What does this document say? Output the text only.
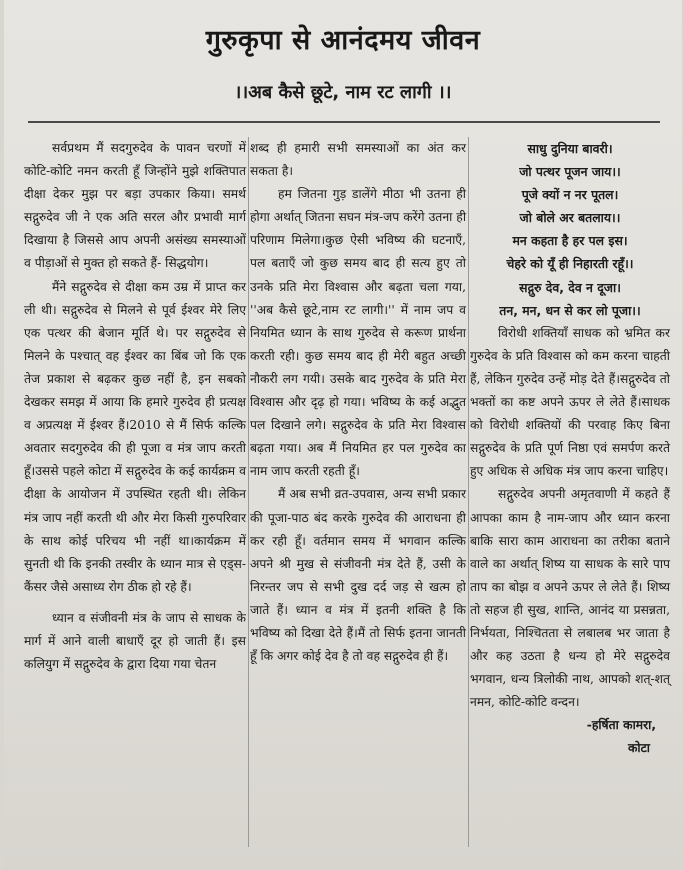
गुरुकृपा से आनंदमय जीवन
।।अब कैसे छूटे, नाम रट लागी ।।

सर्वप्रथम मैं सदगुरुदेव के पावन चरणों में कोटि-कोटि नमन करती हूँ जिन्होंने मुझे शक्तिपात दीक्षा देकर मुझ पर बड़ा उपकार किया। समर्थ सद्गुरुदेव जी ने एक अति सरल और प्रभावी मार्ग दिखाया है जिससे आप अपनी असंख्य समस्याओं व पीड़ाओं से मुक्त हो सकते हैं- सिद्धयोग।

मैंने सद्गुरुदेव से दीक्षा कम उम्र में प्राप्त कर ली थी। सद्गुरुदेव से मिलने से पूर्व ईश्वर मेरे लिए एक पत्थर की बेजान मूर्ति थे। पर सद्गुरुदेव से मिलने के पश्चात् वह ईश्वर का बिंब जो कि एक तेज प्रकाश से बढ़कर कुछ नहीं है, इन सबको देखकर समझ में आया कि हमारे गुरुदेव ही प्रत्यक्ष व अप्रत्यक्ष में ईश्वर हैं।2010 से मैं सिर्फ कल्कि अवतार सदगुरुदेव की ही पूजा व मंत्र जाप करती हूँ।उससे पहले कोटा में सद्गुरुदेव के कई कार्यक्रम व दीक्षा के आयोजन में उपस्थित रहती थी। लेकिन मंत्र जाप नहीं करती थी और मेरा किसी गुरुपरिवार के साथ कोई परिचय भी नहीं था।कार्यक्रम में सुनती थी कि इनकी तस्वीर के ध्यान मात्र से एड्स-कैंसर जैसे असाध्य रोग ठीक हो रहे हैं।

ध्यान व संजीवनी मंत्र के जाप से साधक के मार्ग में आने वाली बाधाएँ दूर हो जाती हैं। इस कलियुग में सद्गुरुदेव के द्वारा दिया गया चेतन

शब्द ही हमारी सभी समस्याओं का अंत कर सकता है।

हम जितना गुड़ डालेंगे मीठा भी उतना ही होगा अर्थात् जितना सघन मंत्र-जप करेंगे उतना ही परिणाम मिलेगा।कुछ ऐसी भविष्य की घटनाएँ, पल बताएँ जो कुछ समय बाद ही सत्य हुए तो उनके प्रति मेरा विश्वास और बढ़ता चला गया, ''अब कैसे छूटे,नाम रट लागी।'' में नाम जप व नियमित ध्यान के साथ गुरुदेव से करूण प्रार्थना करती रही। कुछ समय बाद ही मेरी बहुत अच्छी नौकरी लग गयी। उसके बाद गुरुदेव के प्रति मेरा विश्वास और दृढ़ हो गया। भविष्य के कई अद्भुत पल दिखाने लगे। सद्गुरुदेव के प्रति मेरा विश्वास बढ़ता गया। अब मैं नियमित हर पल गुरुदेव का नाम जाप करती रहती हूँ।

मैं अब सभी व्रत-उपवास, अन्य सभी प्रकार की पूजा-पाठ बंद करके गुरुदेव की आराधना ही कर रही हूँ। वर्तमान समय में भगवान कल्कि अपने श्री मुख से संजीवनी मंत्र देते हैं, उसी के निरन्तर जप से सभी दुख दर्द जड़ से खत्म हो जाते हैं। ध्यान व मंत्र में इतनी शक्ति है कि भविष्य को दिखा देते हैं।मैं तो सिर्फ इतना जानती हूँ कि अगर कोई देव है तो वह सद्गुरुदेव ही हैं।

साधु दुनिया बावरी।
जो पत्थर पूजन जाय।।
पूजे क्यों न नर पूतल।
जो बोले अर बतलाय।।
मन कहता है हर पल इस।
चेहरे को यूँ ही निहारती रहूँ।।
सद्गुरु देव, देव न दूजा।
तन, मन, धन से कर लो पूजा।।

विरोधी शक्तियाँ साधक को भ्रमित कर गुरुदेव के प्रति विश्वास को कम करना चाहती हैं, लेकिन गुरुदेव उन्हें मोड़ देते हैं।सद्गुरुदेव तो भक्तों का कष्ट अपने ऊपर ले लेते हैं।साधक को विरोधी शक्तियों की परवाह किए बिना सद्गुरुदेव के प्रति पूर्ण निष्ठा एवं समर्पण करते हुए अधिक से अधिक मंत्र जाप करना चाहिए।

सद्गुरुदेव अपनी अमृतवाणी में कहते हैं आपका काम है नाम-जाप और ध्यान करना बाकि सारा काम आराधना का तरीका बताने वाले का अर्थात् शिष्य या साधक के सारे पाप ताप का बोझ व अपने ऊपर ले लेते हैं। शिष्य तो सहज ही सुख, शान्ति, आनंद या प्रसन्नता, निर्भयता, निश्चितता से लबालब भर जाता है और कह उठता है धन्य हो मेरे सद्गुरुदेव भगवान, धन्य त्रिलोकी नाथ, आपको शत्-शत् नमन, कोटि-कोटि वन्दन।

-हर्षिता कामरा,
कोटा
